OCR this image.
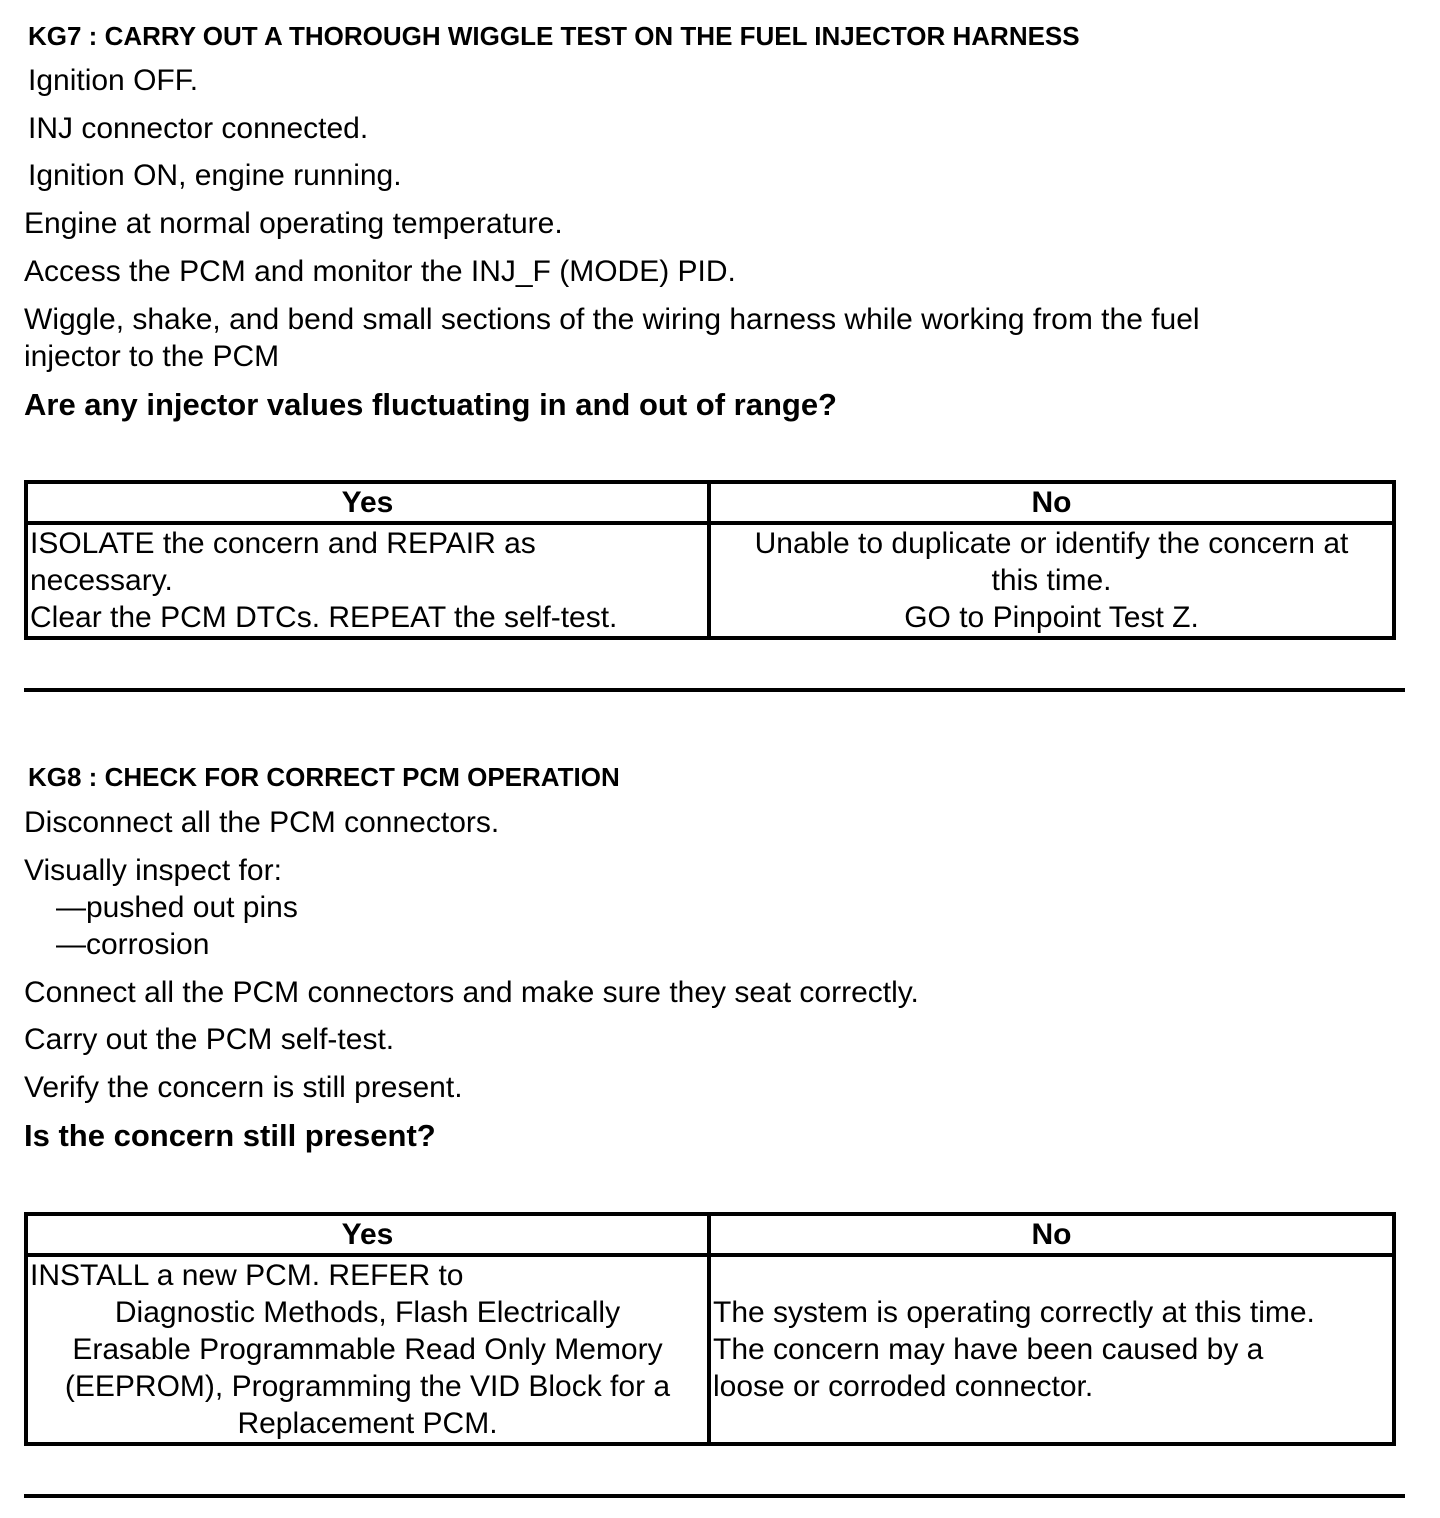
KG7 : CARRY OUT A THOROUGH WIGGLE TEST ON THE FUEL INJECTOR HARNESS
Ignition OFF.
INJ connector connected.
Ignition ON, engine running.
Engine at normal operating temperature.
Access the PCM and monitor the INJ_F (MODE) PID.
Wiggle, shake, and bend small sections of the wiring harness while working from the fuel
injector to the PCM
Are any injector values fluctuating in and out of range?
Yes	No

ISOLATE the concern and REPAIR as
necessary.
Clear the PCM DTCs. REPEAT the self-test.	Unable to duplicate or identify the concern at
this time.
GO to Pinpoint Test Z.
KG8 : CHECK FOR CORRECT PCM OPERATION
Disconnect all the PCM connectors.
Visually inspect for:
—pushed out pins
—corrosion
Connect all the PCM connectors and make sure they seat correctly.
Carry out the PCM self-test.
Verify the concern is still present.
Is the concern still present?
Yes	No

INSTALL a new PCM. REFER to
Diagnostic Methods, Flash Electrically
Erasable Programmable Read Only Memory
(EEPROM), Programming the VID Block for a
Replacement PCM.	The system is operating correctly at this time.
The concern may have been caused by a
loose or corroded connector.
